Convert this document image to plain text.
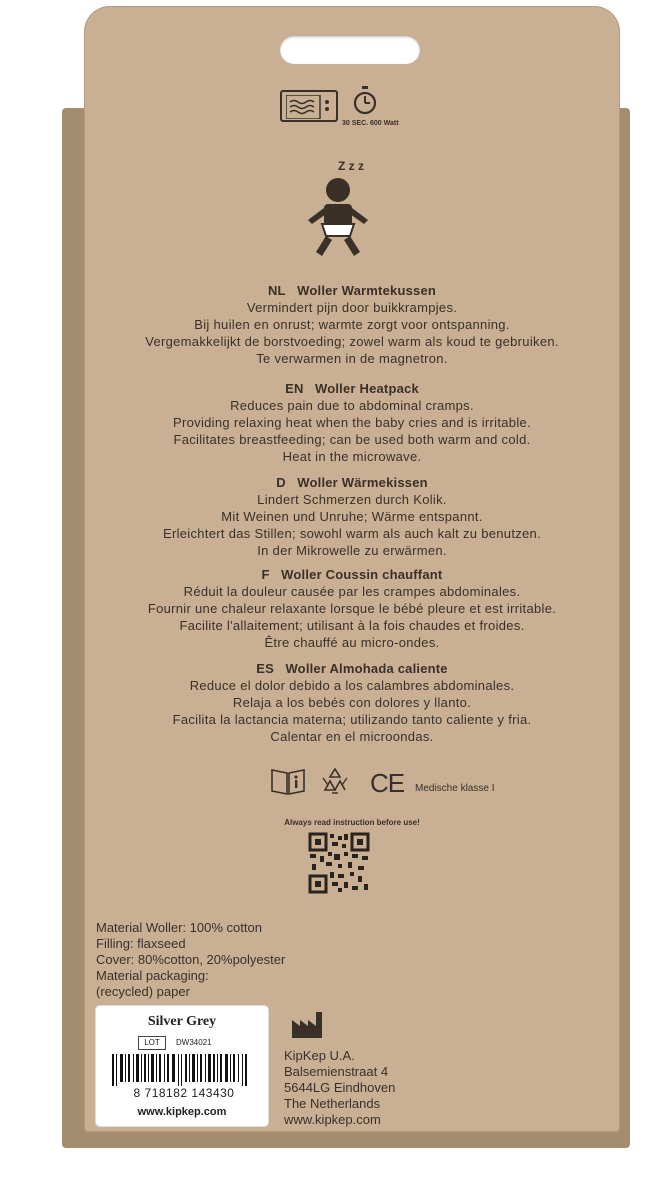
30 SEC. 600 Watt
Z z z
NL Woller Warmtekussen
Vermindert pijn door buikkrampjes.
Bij huilen en onrust; warmte zorgt voor ontspanning.
Vergemakkelijkt de borstvoeding; zowel warm als koud te gebruiken.
Te verwarmen in de magnetron.
EN Woller Heatpack
Reduces pain due to abdominal cramps.
Providing relaxing heat when the baby cries and is irritable.
Facilitates breastfeeding; can be used both warm and cold.
Heat in the microwave.
D Woller Wärmekissen
Lindert Schmerzen durch Kolik.
Mit Weinen und Unruhe; Wärme entspannt.
Erleichtert das Stillen; sowohl warm als auch kalt zu benutzen.
In der Mikrowelle zu erwärmen.
F Woller Coussin chauffant
Réduit la douleur causée par les crampes abdominales.
Fournir une chaleur relaxante lorsque le bébé pleure et est irritable.
Facilite l'allaitement; utilisant à la fois chaudes et froides.
Être chauffé au micro-ondes.
ES Woller Almohada caliente
Reduce el dolor debido a los calambres abdominales.
Relaja a los bebés con dolores y llanto.
Facilita la lactancia materna; utilizando tanto caliente y fria.
Calentar en el microondas.
CE Medische klasse I
Always read instruction before use!
Material Woller: 100% cotton
Filling: flaxseed
Cover: 80%cotton, 20%polyester
Material packaging:
(recycled) paper
Silver Grey
LOT	DW34021
8 718182 143430
www.kipkep.com
KipKep U.A.
Balsemienstraat 4
5644LG Eindhoven
The Netherlands
www.kipkep.com
